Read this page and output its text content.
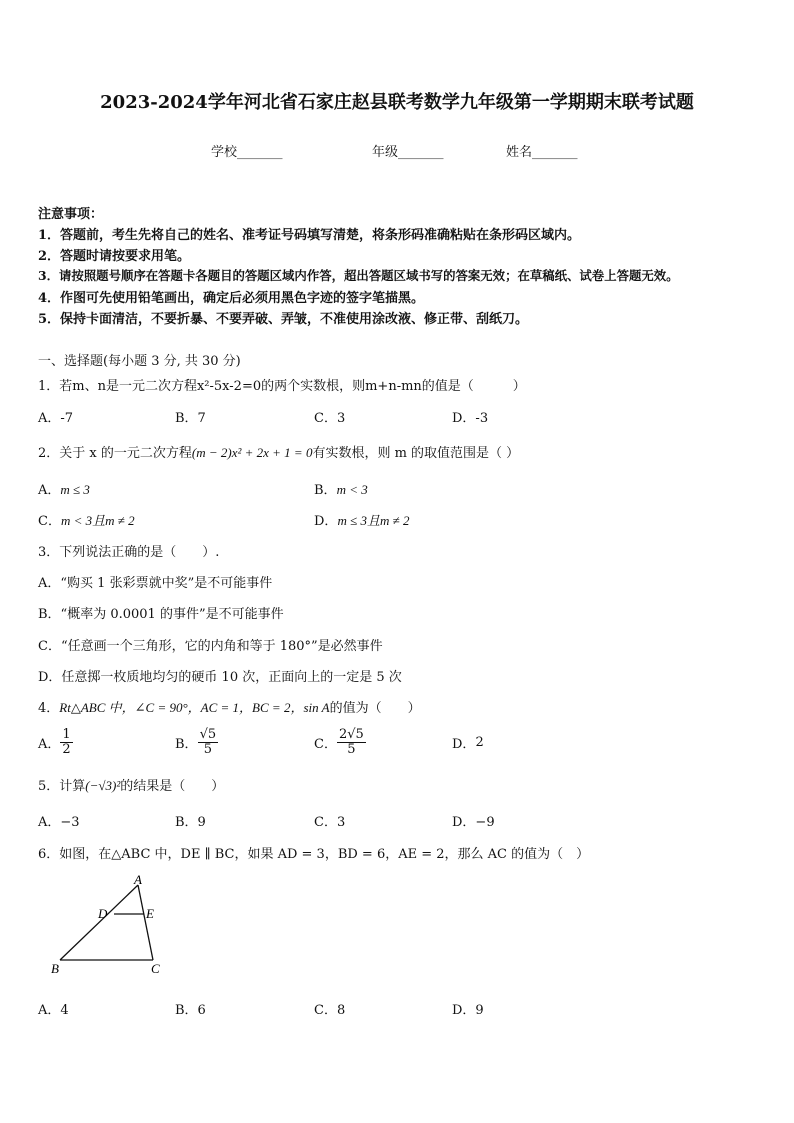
2023-2024学年河北省石家庄赵县联考数学九年级第一学期期末联考试题
学校_______	年级_______	姓名_______
注意事项：
1．答题前，考生先将自己的姓名、准考证号码填写清楚，将条形码准确粘贴在条形码区域内。
2．答题时请按要求用笔。
3．请按照题号顺序在答题卡各题目的答题区域内作答，超出答题区域书写的答案无效；在草稿纸、试卷上答题无效。
4．作图可先使用铅笔画出，确定后必须用黑色字迹的签字笔描黑。
5．保持卡面清洁，不要折暴、不要弄破、弄皱，不准使用涂改液、修正带、刮纸刀。
一、选择题(每小题 3 分, 共 30 分)
1．若m、n是一元二次方程x²-5x-2=0的两个实数根，则m+n-mn的值是（　　　）
A．-7	B．7	C．3	D．-3
2．关于 x 的一元二次方程(m − 2)x² + 2x + 1 = 0有实数根，则 m 的取值范围是（ ）
A．m ≤ 3	B．m < 3
C．m < 3且m ≠ 2	D．m ≤ 3且m ≠ 2
3．下列说法正确的是（　　）.
A．“购买 1 张彩票就中奖”是不可能事件
B．“概率为 0.0001 的事件”是不可能事件
C．“任意画一个三角形，它的内角和等于 180°”是必然事件
D．任意掷一枚质地均匀的硬币 10 次，正面向上的一定是 5 次
4．Rt△ABC 中，∠C = 90°，AC = 1，BC = 2，sin A的值为（　　）
A． $\frac{1}{2}$	B． $\frac{√5}{5}$	C． $\frac{2√5}{5}$	D． 2
5．计算(−√3)²的结果是（　　）
A．−3	B．9	C．3	D．−9
6．如图，在△ABC 中，DE ∥ BC，如果 AD = 3，BD = 6，AE = 2，那么 AC 的值为（　）
A
B	C
D	E
A．4	B．6	C．8	D．9
